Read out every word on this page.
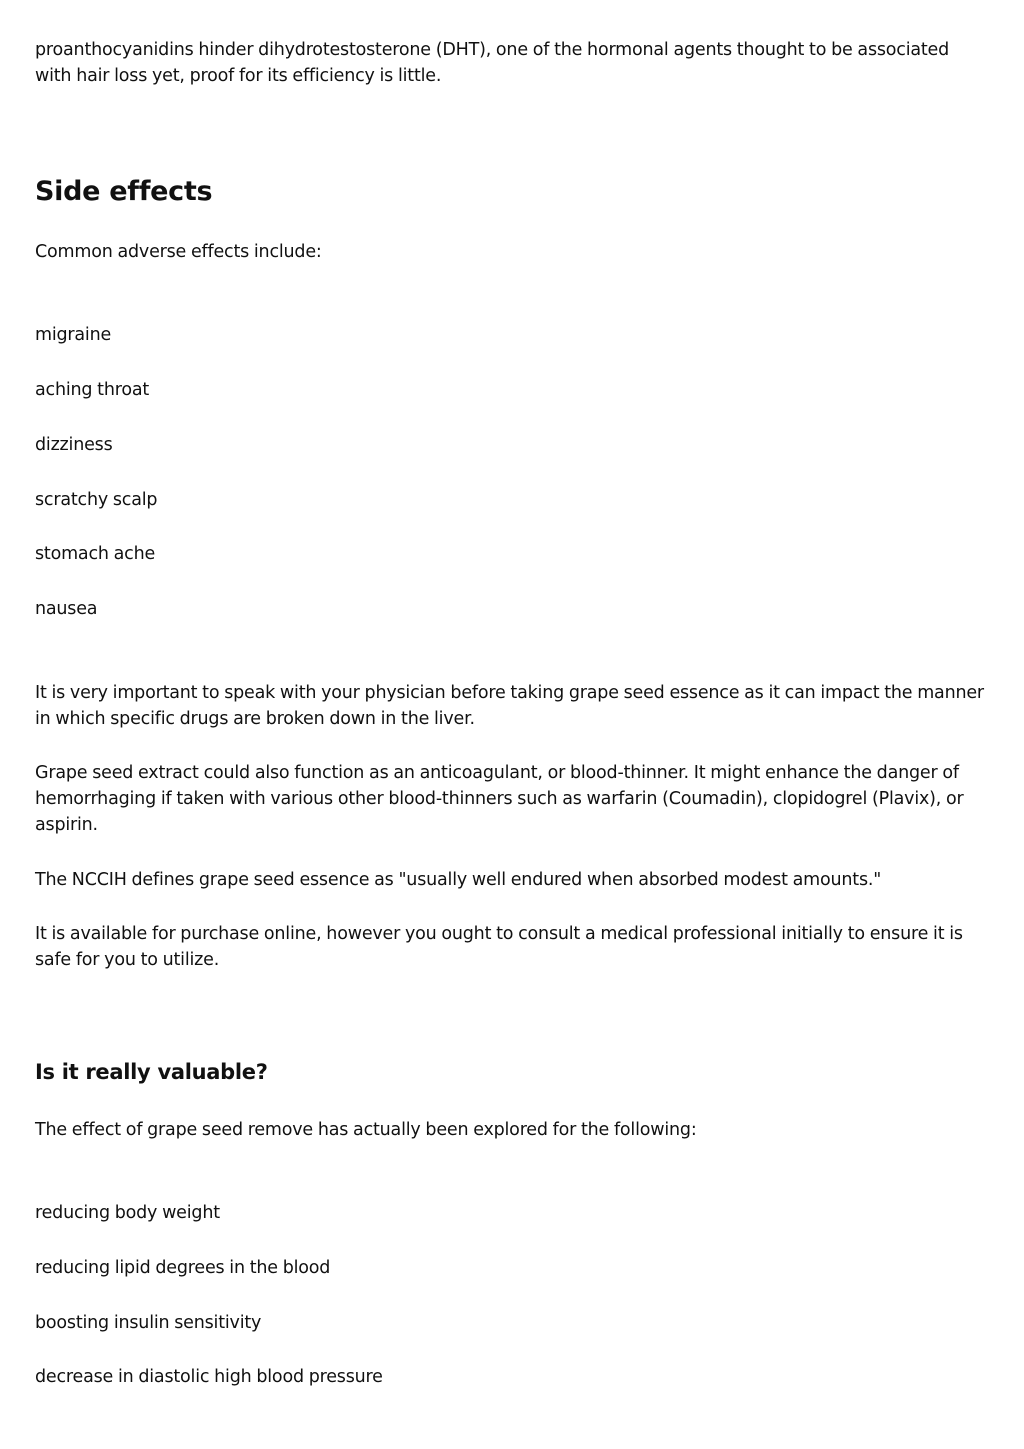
proanthocyanidins hinder dihydrotestosterone (DHT), one of the hormonal agents thought to be associated with hair loss yet, proof for its efficiency is little.

Side effects

Common adverse effects include:

migraine

aching throat

dizziness

scratchy scalp

stomach ache

nausea

It is very important to speak with your physician before taking grape seed essence as it can impact the manner in which specific drugs are broken down in the liver.

Grape seed extract could also function as an anticoagulant, or blood-thinner. It might enhance the danger of hemorrhaging if taken with various other blood-thinners such as warfarin (Coumadin), clopidogrel (Plavix), or aspirin.

The NCCIH defines grape seed essence as "usually well endured when absorbed modest amounts."

It is available for purchase online, however you ought to consult a medical professional initially to ensure it is safe for you to utilize.

Is it really valuable?

The effect of grape seed remove has actually been explored for the following:

reducing body weight

reducing lipid degrees in the blood

boosting insulin sensitivity

decrease in diastolic high blood pressure
